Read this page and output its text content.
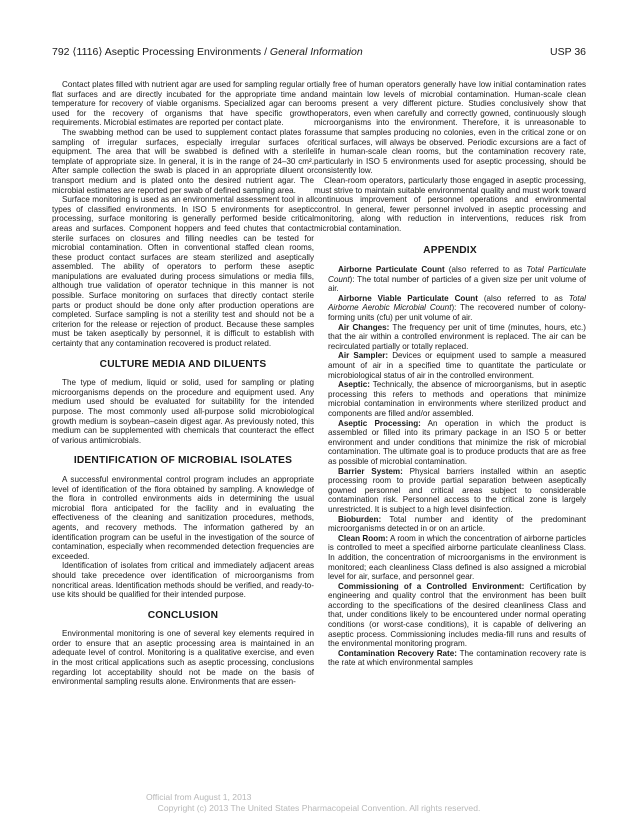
792 ⟨1116⟩ Aseptic Processing Environments / General Information	USP 36

Contact plates filled with nutrient agar are used for sampling regular or flat surfaces and are directly incubated for the appropriate time and temperature for recovery of viable organisms. Specialized agar can be used for the recovery of organisms that have specific growth requirements. Microbial estimates are reported per contact plate.

The swabbing method can be used to supplement contact plates for sampling of irregular surfaces, especially irregular surfaces of equipment. The area that will be swabbed is defined with a sterile template of appropriate size. In general, it is in the range of 24–30 cm². After sample collection the swab is placed in an appropriate diluent or transport medium and is plated onto the desired nutrient agar. The microbial estimates are reported per swab of defined sampling area.

Surface monitoring is used as an environmental assessment tool in all types of classified environments. In ISO 5 environments for aseptic processing, surface monitoring is generally performed beside critical areas and surfaces. Component hoppers and feed chutes that contact sterile surfaces on closures and filling needles can be tested for microbial contamination. Often in conventional staffed clean rooms, these product contact surfaces are steam sterilized and aseptically assembled. The ability of operators to perform these aseptic manipulations are evaluated during process simulations or media fills, although true validation of operator technique in this manner is not possible. Surface monitoring on surfaces that directly contact sterile parts or product should be done only after production operations are completed. Surface sampling is not a sterility test and should not be a criterion for the release or rejection of product. Because these samples must be taken aseptically by personnel, it is difficult to establish with certainty that any contamination recovered is product related.

CULTURE MEDIA AND DILUENTS

The type of medium, liquid or solid, used for sampling or plating microorganisms depends on the procedure and equipment used. Any medium used should be evaluated for suitability for the intended purpose. The most commonly used all-purpose solid microbiological growth medium is soybean–casein digest agar. As previously noted, this medium can be supplemented with chemicals that counteract the effect of various antimicrobials.

IDENTIFICATION OF MICROBIAL ISOLATES

A successful environmental control program includes an appropriate level of identification of the flora obtained by sampling. A knowledge of the flora in controlled environments aids in determining the usual microbial flora anticipated for the facility and in evaluating the effectiveness of the cleaning and sanitization procedures, methods, agents, and recovery methods. The information gathered by an identification program can be useful in the investigation of the source of contamination, especially when recommended detection frequencies are exceeded.

Identification of isolates from critical and immediately adjacent areas should take precedence over identification of microorganisms from noncritical areas. Identification methods should be verified, and ready-to-use kits should be qualified for their intended purpose.

CONCLUSION

Environmental monitoring is one of several key elements required in order to ensure that an aseptic processing area is maintained in an adequate level of control. Monitoring is a qualitative exercise, and even in the most critical applications such as aseptic processing, conclusions regarding lot acceptability should not be made on the basis of environmental sampling results alone. Environments that are essen-

tially free of human operators generally have low initial contamination rates and maintain low levels of microbial contamination. Human-scale clean rooms present a very different picture. Studies conclusively show that operators, even when carefully and correctly gowned, continuously slough microorganisms into the environment. Therefore, it is unreasonable to assume that samples producing no colonies, even in the critical zone or on critical surfaces, will always be observed. Periodic excursions are a fact of life in human-scale clean rooms, but the contamination recovery rate, particularly in ISO 5 environments used for aseptic processing, should be consistently low.

Clean-room operators, particularly those engaged in aseptic processing, must strive to maintain suitable environmental quality and must work toward continuous improvement of personnel operations and environmental control. In general, fewer personnel involved in aseptic processing and monitoring, along with reduction in interventions, reduces risk from microbial contamination.

APPENDIX

Airborne Particulate Count (also referred to as Total Particulate Count): The total number of particles of a given size per unit volume of air.

Airborne Viable Particulate Count (also referred to as Total Airborne Aerobic Microbial Count): The recovered number of colony-forming units (cfu) per unit volume of air.

Air Changes: The frequency per unit of time (minutes, hours, etc.) that the air within a controlled environment is replaced. The air can be recirculated partially or totally replaced.

Air Sampler: Devices or equipment used to sample a measured amount of air in a specified time to quantitate the particulate or microbiological status of air in the controlled environment.

Aseptic: Technically, the absence of microorganisms, but in aseptic processing this refers to methods and operations that minimize microbial contamination in environments where sterilized product and components are filled and/or assembled.

Aseptic Processing: An operation in which the product is assembled or filled into its primary package in an ISO 5 or better environment and under conditions that minimize the risk of microbial contamination. The ultimate goal is to produce products that are as free as possible of microbial contamination.

Barrier System: Physical barriers installed within an aseptic processing room to provide partial separation between aseptically gowned personnel and critical areas subject to considerable contamination risk. Personnel access to the critical zone is largely unrestricted. It is subject to a high level disinfection.

Bioburden: Total number and identity of the predominant microorganisms detected in or on an article.

Clean Room: A room in which the concentration of airborne particles is controlled to meet a specified airborne particulate cleanliness Class. In addition, the concentration of microorganisms in the environment is monitored; each cleanliness Class defined is also assigned a microbial level for air, surface, and personnel gear.

Commissioning of a Controlled Environment: Certification by engineering and quality control that the environment has been built according to the specifications of the desired cleanliness Class and that, under conditions likely to be encountered under normal operating conditions (or worst-case conditions), it is capable of delivering an aseptic process. Commissioning includes media-fill runs and results of the environmental monitoring program.

Contamination Recovery Rate: The contamination recovery rate is the rate at which environmental samples

Official from August 1, 2013
Copyright (c) 2013 The United States Pharmacopeial Convention. All rights reserved.
